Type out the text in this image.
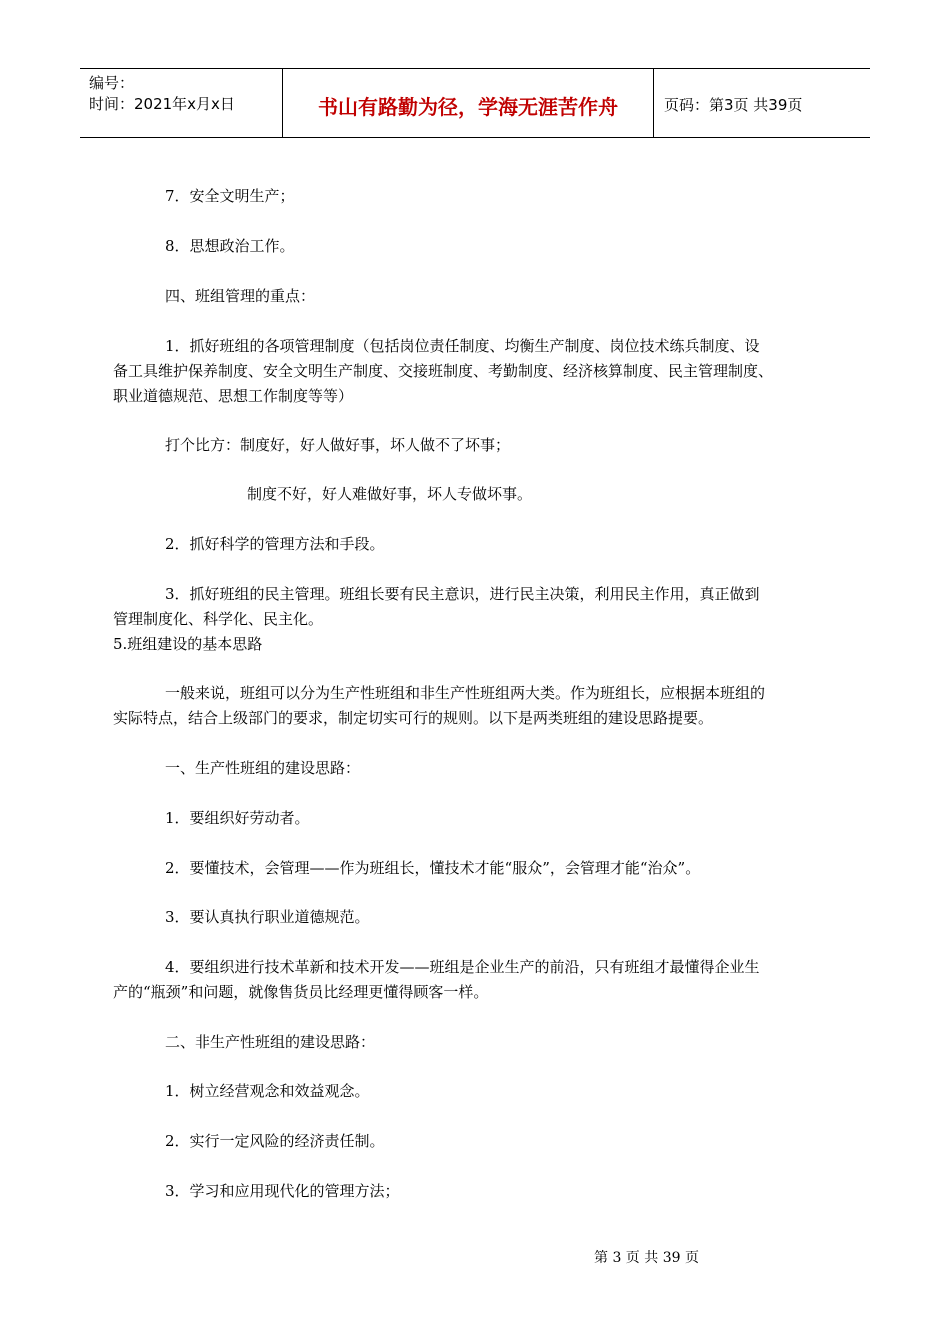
编号：
时间：2021年x月x日	书山有路勤为径，学海无涯苦作舟	页码：第3页 共39页
7．安全文明生产；
8．思想政治工作。
四、班组管理的重点：
1．抓好班组的各项管理制度（包括岗位责任制度、均衡生产制度、岗位技术练兵制度、设
备工具维护保养制度、安全文明生产制度、交接班制度、考勤制度、经济核算制度、民主管理制度、
职业道德规范、思想工作制度等等）
打个比方：制度好，好人做好事，坏人做不了坏事；
制度不好，好人难做好事，坏人专做坏事。
2．抓好科学的管理方法和手段。
3．抓好班组的民主管理。班组长要有民主意识，进行民主决策，利用民主作用，真正做到
管理制度化、科学化、民主化。
5.班组建设的基本思路
一般来说，班组可以分为生产性班组和非生产性班组两大类。作为班组长，应根据本班组的
实际特点，结合上级部门的要求，制定切实可行的规则。以下是两类班组的建设思路提要。
一、生产性班组的建设思路：
1．要组织好劳动者。
2．要懂技术，会管理——作为班组长，懂技术才能“服众”，会管理才能“治众”。
3．要认真执行职业道德规范。
4．要组织进行技术革新和技术开发——班组是企业生产的前沿，只有班组才最懂得企业生
产的“瓶颈”和问题，就像售货员比经理更懂得顾客一样。
二、非生产性班组的建设思路：
1．树立经营观念和效益观念。
2．实行一定风险的经济责任制。
3．学习和应用现代化的管理方法；
第 3 页 共 39 页
